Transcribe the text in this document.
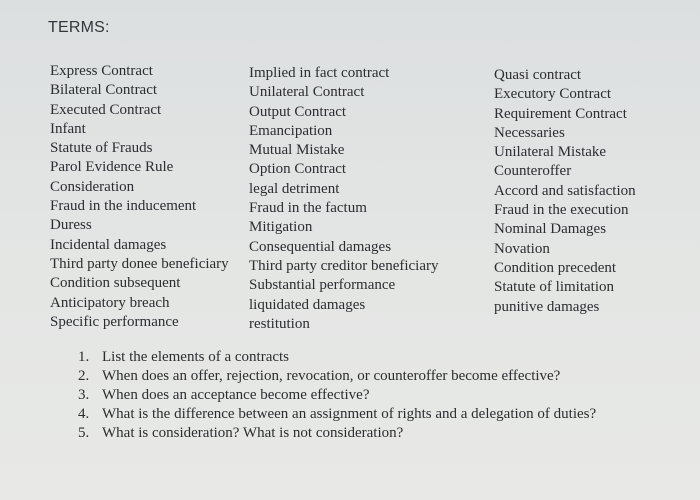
TERMS:
Express Contract
Bilateral Contract
Executed Contract
Infant
Statute of Frauds
Parol Evidence Rule
Consideration
Fraud in the inducement
Duress
Incidental damages
Third party donee beneficiary
Condition subsequent
Anticipatory breach
Specific performance
Implied in fact contract
Unilateral Contract
Output Contract
Emancipation
Mutual Mistake
Option Contract
legal detriment
Fraud in the factum
Mitigation
Consequential damages
Third party creditor beneficiary
Substantial performance
liquidated damages
restitution
Quasi contract
Executory Contract
Requirement Contract
Necessaries
Unilateral Mistake
Counteroffer
Accord and satisfaction
Fraud in the execution
Nominal Damages
Novation
Condition precedent
Statute of limitation
punitive damages
1. List the elements of a contracts
2. When does an offer, rejection, revocation, or counteroffer become effective?
3. When does an acceptance become effective?
4. What is the difference between an assignment of rights and a delegation of duties?
5. What is consideration? What is not consideration?
